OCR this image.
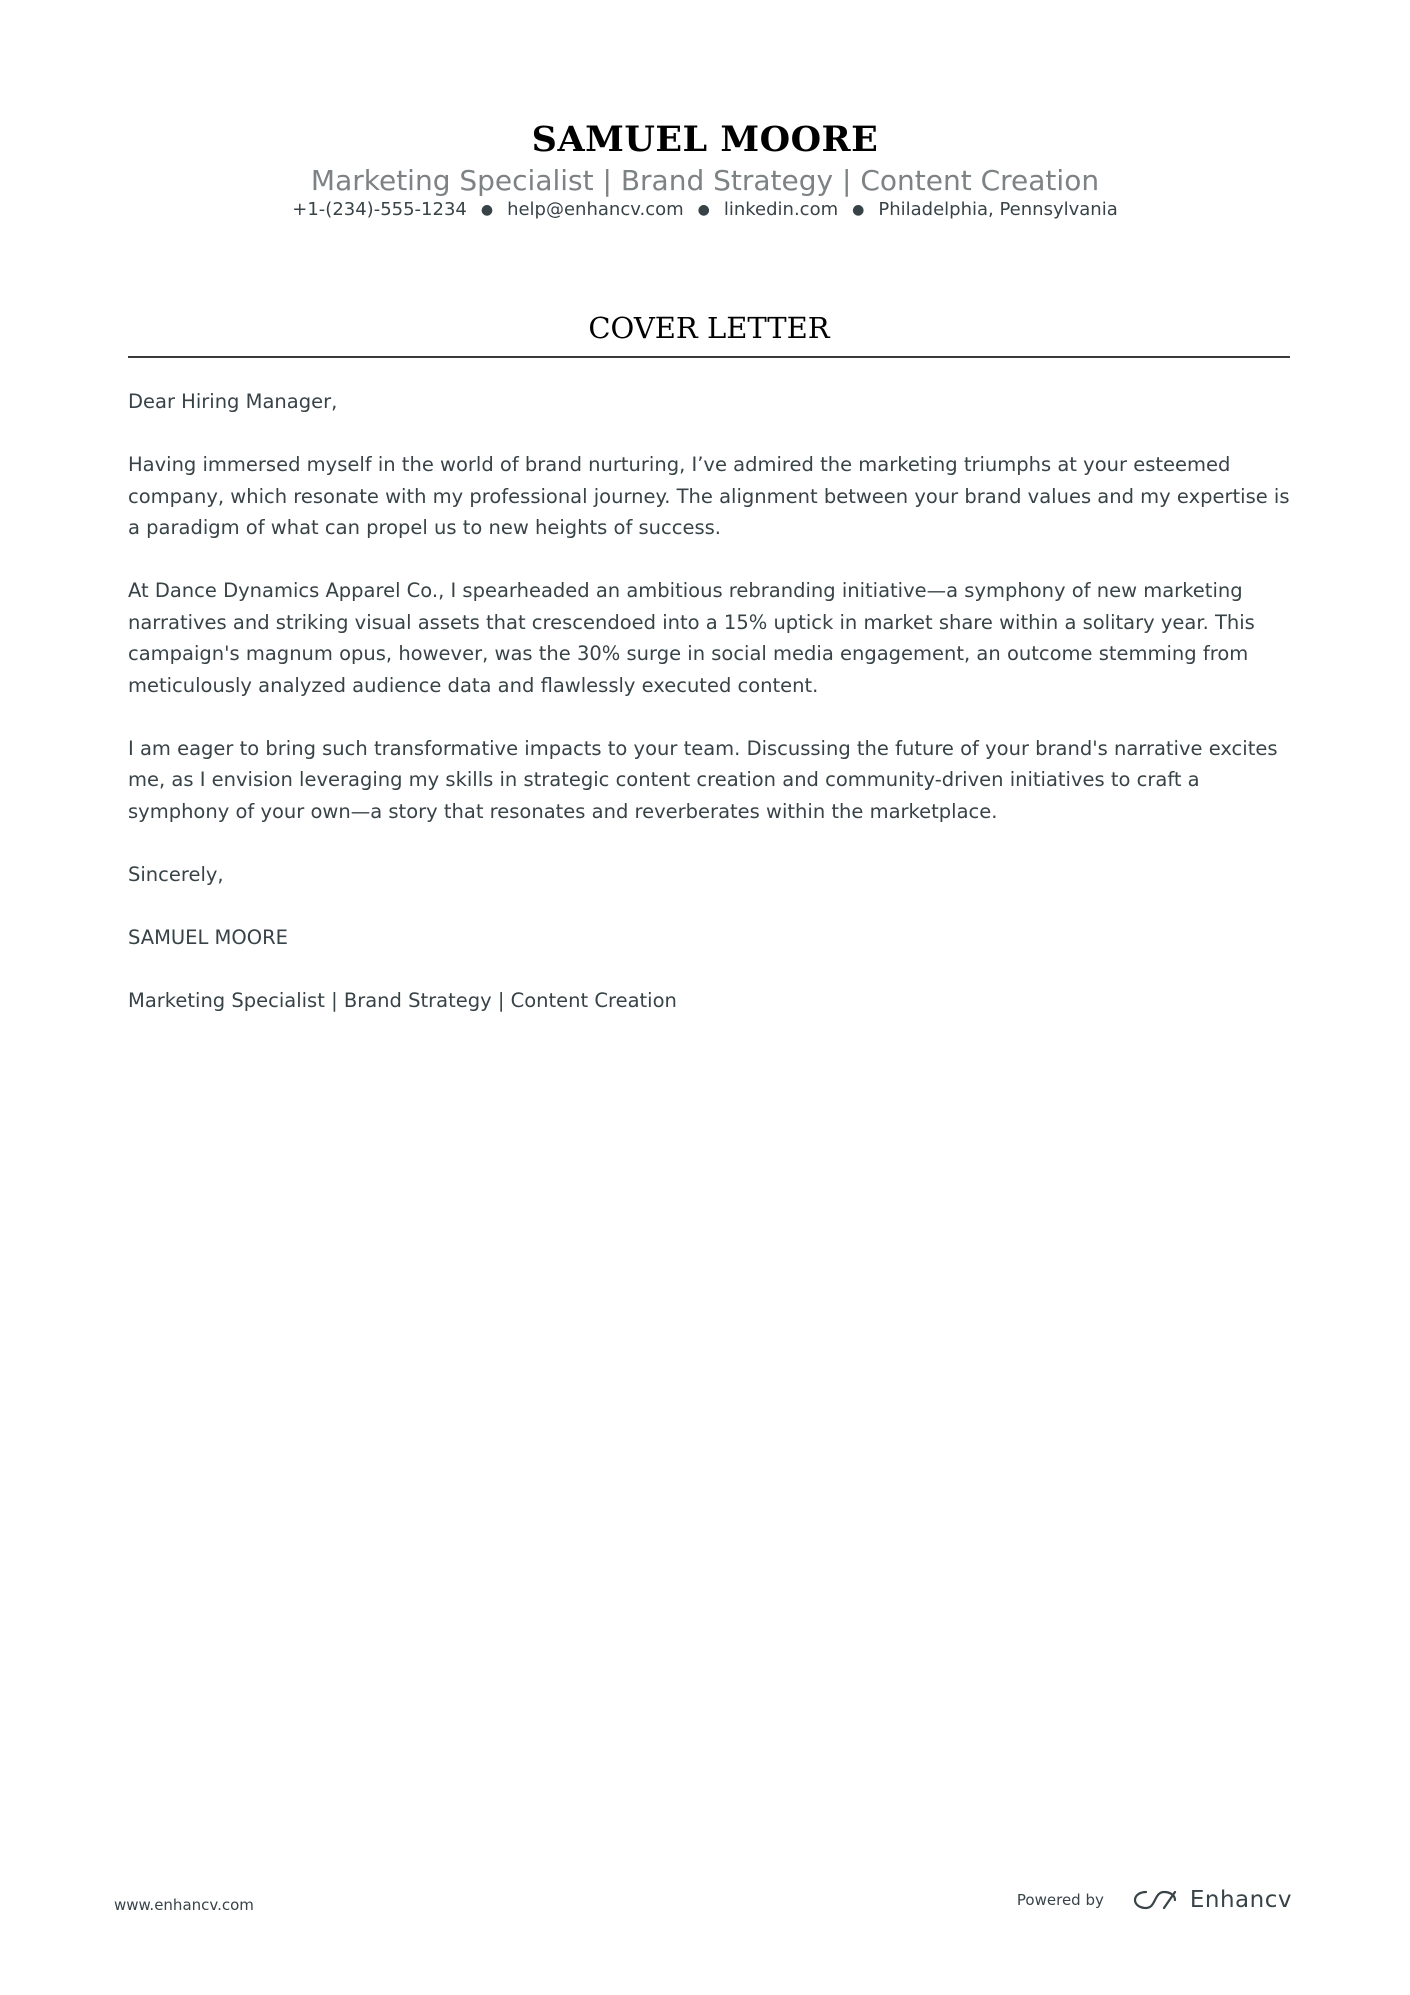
SAMUEL MOORE
Marketing Specialist | Brand Strategy | Content Creation
+1-(234)-555-1234 ● help@enhancv.com ● linkedin.com ● Philadelphia, Pennsylvania
COVER LETTER

Dear Hiring Manager,

Having immersed myself in the world of brand nurturing, I’ve admired the marketing triumphs at your esteemed company, which resonate with my professional journey. The alignment between your brand values and my expertise is a paradigm of what can propel us to new heights of success.

At Dance Dynamics Apparel Co., I spearheaded an ambitious rebranding initiative—a symphony of new marketing narratives and striking visual assets that crescendoed into a 15% uptick in market share within a solitary year. This campaign's magnum opus, however, was the 30% surge in social media engagement, an outcome stemming from meticulously analyzed audience data and flawlessly executed content.

I am eager to bring such transformative impacts to your team. Discussing the future of your brand's narrative excites me, as I envision leveraging my skills in strategic content creation and community-driven initiatives to craft a symphony of your own—a story that resonates and reverberates within the marketplace.

Sincerely,

SAMUEL MOORE

Marketing Specialist | Brand Strategy | Content Creation

www.enhancv.com	Powered by	Enhancv
